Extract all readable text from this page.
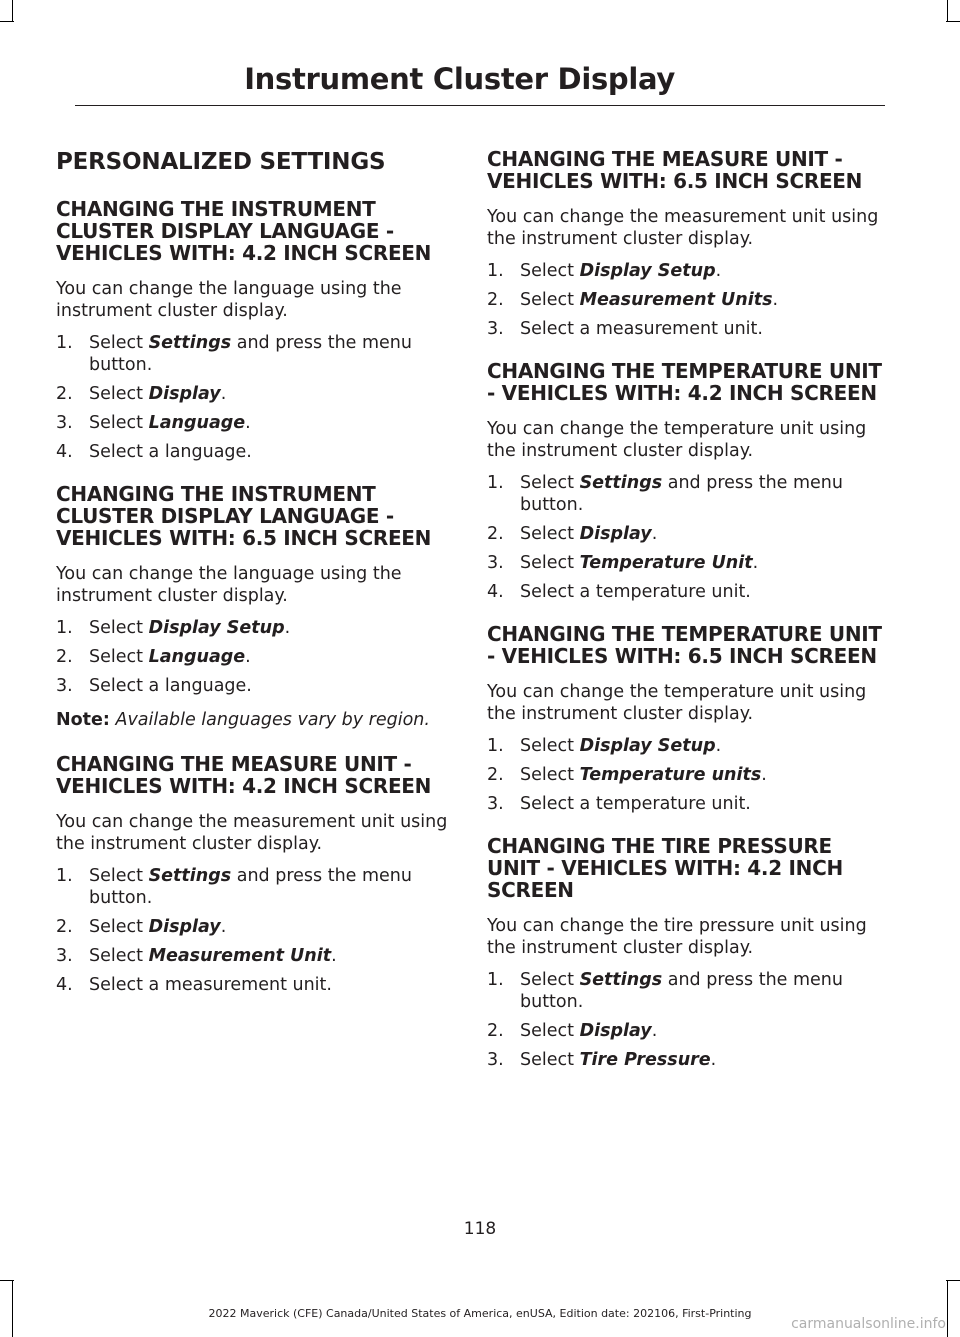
Instrument Cluster Display
PERSONALIZED SETTINGS
CHANGING THE INSTRUMENT CLUSTER DISPLAY LANGUAGE - VEHICLES WITH: 4.2 INCH SCREEN

You can change the language using the instrument cluster display.

1. Select Settings and press the menu button.
2. Select Display.
3. Select Language.
4. Select a language.
CHANGING THE INSTRUMENT CLUSTER DISPLAY LANGUAGE - VEHICLES WITH: 6.5 INCH SCREEN

You can change the language using the instrument cluster display.

1. Select Display Setup.
2. Select Language.
3. Select a language.
Note: Available languages vary by region.
CHANGING THE MEASURE UNIT - VEHICLES WITH: 4.2 INCH SCREEN

You can change the measurement unit using the instrument cluster display.

1. Select Settings and press the menu button.
2. Select Display.
3. Select Measurement Unit.
4. Select a measurement unit.
CHANGING THE MEASURE UNIT - VEHICLES WITH: 6.5 INCH SCREEN

You can change the measurement unit using the instrument cluster display.

1. Select Display Setup.
2. Select Measurement Units.
3. Select a measurement unit.
CHANGING THE TEMPERATURE UNIT - VEHICLES WITH: 4.2 INCH SCREEN

You can change the temperature unit using the instrument cluster display.

1. Select Settings and press the menu button.
2. Select Display.
3. Select Temperature Unit.
4. Select a temperature unit.
CHANGING THE TEMPERATURE UNIT - VEHICLES WITH: 6.5 INCH SCREEN

You can change the temperature unit using the instrument cluster display.

1. Select Display Setup.
2. Select Temperature units.
3. Select a temperature unit.
CHANGING THE TIRE PRESSURE UNIT - VEHICLES WITH: 4.2 INCH SCREEN

You can change the tire pressure unit using the instrument cluster display.

1. Select Settings and press the menu button.
2. Select Display.
3. Select Tire Pressure.
118
2022 Maverick (CFE) Canada/United States of America, enUSA, Edition date: 202106, First-Printing
carmanualsonline.info
